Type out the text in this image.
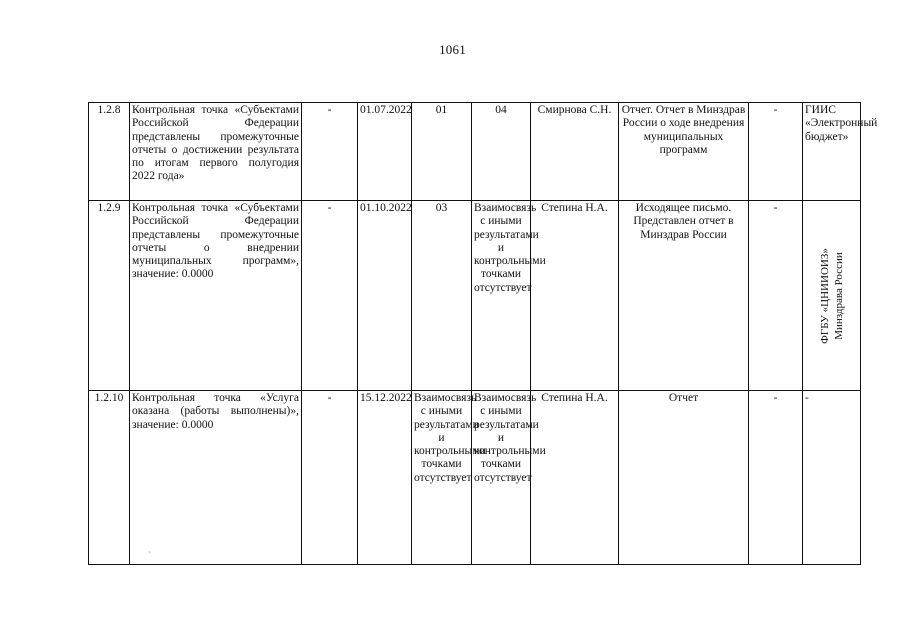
1061
1.2.8	Контрольная точка «Субъектами Российской Федерации представлены промежуточные отчеты о достижении результата по итогам первого полугодия 2022 года»	-	01.07.2022	01	04	Смирнова С.Н.	Отчет. Отчет в Минздрав России о ходе внедрения муниципальных программ	-	ГИИС «Электронный бюджет»
1.2.9	Контрольная точка «Субъектами Российской Федерации представлены промежуточные отчеты о внедрении муниципальных программ», значение: 0.0000	-	01.10.2022	03	Взаимосвязь с иными результатами и контрольными точками отсутствует	Степина Н.А.	Исходящее письмо. Представлен отчет в Минздрав России	-	ФГБУ «ЦНИИОИЗ» Минздрава России

1.2.10	Контрольная точка «Услуга оказана (работы выполнены)», значение: 0.0000	-	15.12.2022	Взаимосвязь с иными результатами и контрольными точками отсутствует	Взаимосвязь с иными результатами и контрольными точками отсутствует	Степина Н.А.	Отчет	-	-
·
